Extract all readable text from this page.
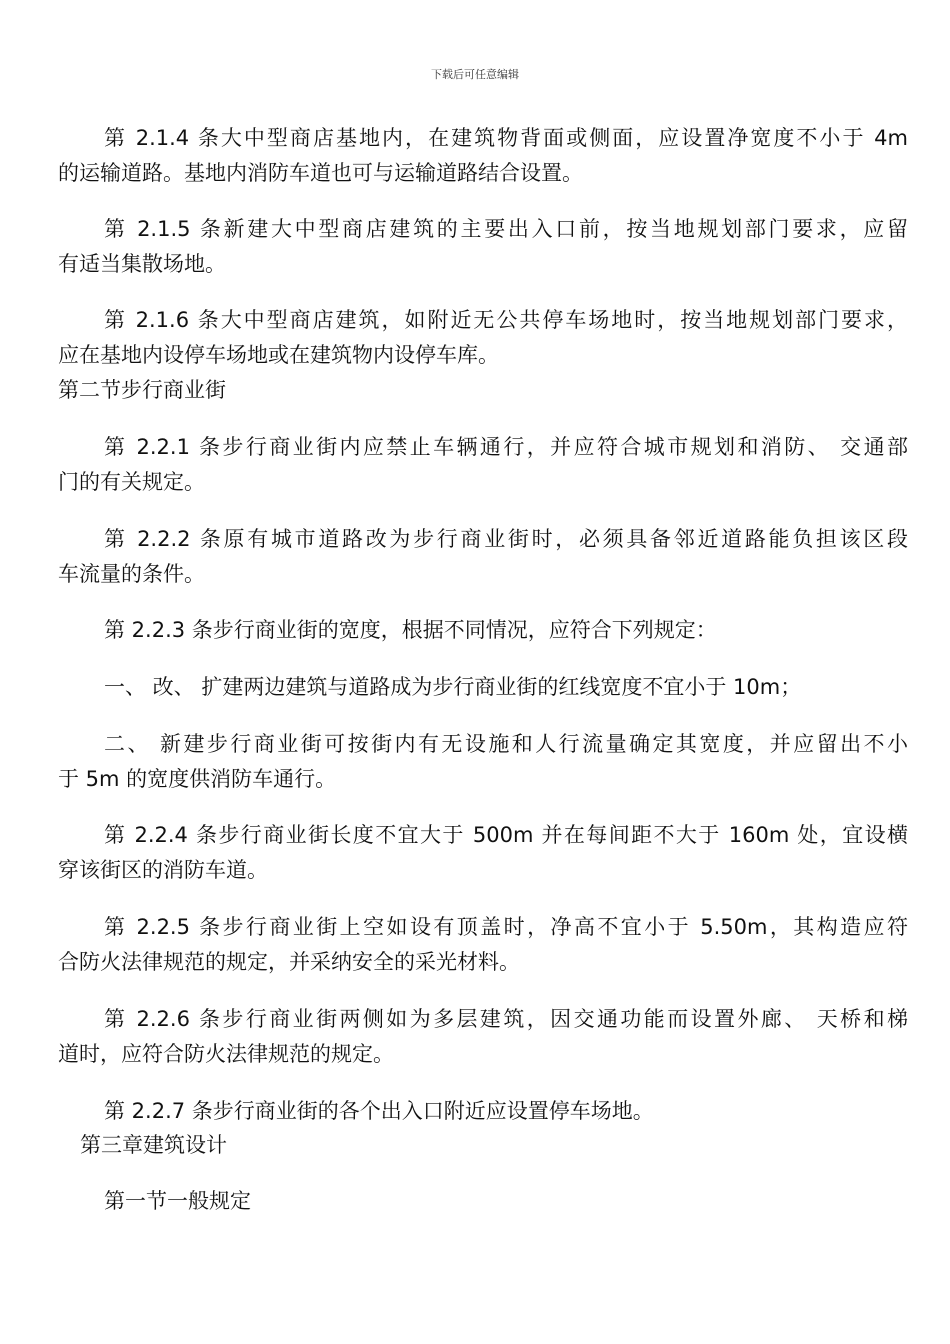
下载后可任意编辑
第 2.1.4 条大中型商店基地内，在建筑物背面或侧面，应设置净宽度不小于 4m
的运输道路。基地内消防车道也可与运输道路结合设置。
第 2.1.5 条新建大中型商店建筑的主要出入口前，按当地规划部门要求，应留
有适当集散场地。
第 2.1.6 条大中型商店建筑，如附近无公共停车场地时，按当地规划部门要求，
应在基地内设停车场地或在建筑物内设停车库。
第二节步行商业街
第 2.2.1 条步行商业街内应禁止车辆通行，并应符合城市规划和消防、 交通部
门的有关规定。
第 2.2.2 条原有城市道路改为步行商业街时，必须具备邻近道路能负担该区段
车流量的条件。
第 2.2.3 条步行商业街的宽度，根据不同情况，应符合下列规定：
一、 改、 扩建两边建筑与道路成为步行商业街的红线宽度不宜小于 10m；
二、 新建步行商业街可按街内有无设施和人行流量确定其宽度，并应留出不小
于 5m 的宽度供消防车通行。
第 2.2.4 条步行商业街长度不宜大于 500m 并在每间距不大于 160m 处，宜设横
穿该街区的消防车道。
第 2.2.5 条步行商业街上空如设有顶盖时，净高不宜小于 5.50m，其构造应符
合防火法律规范的规定，并采纳安全的采光材料。
第 2.2.6 条步行商业街两侧如为多层建筑，因交通功能而设置外廊、 天桥和梯
道时，应符合防火法律规范的规定。
第 2.2.7 条步行商业街的各个出入口附近应设置停车场地。
第三章建筑设计
第一节一般规定
